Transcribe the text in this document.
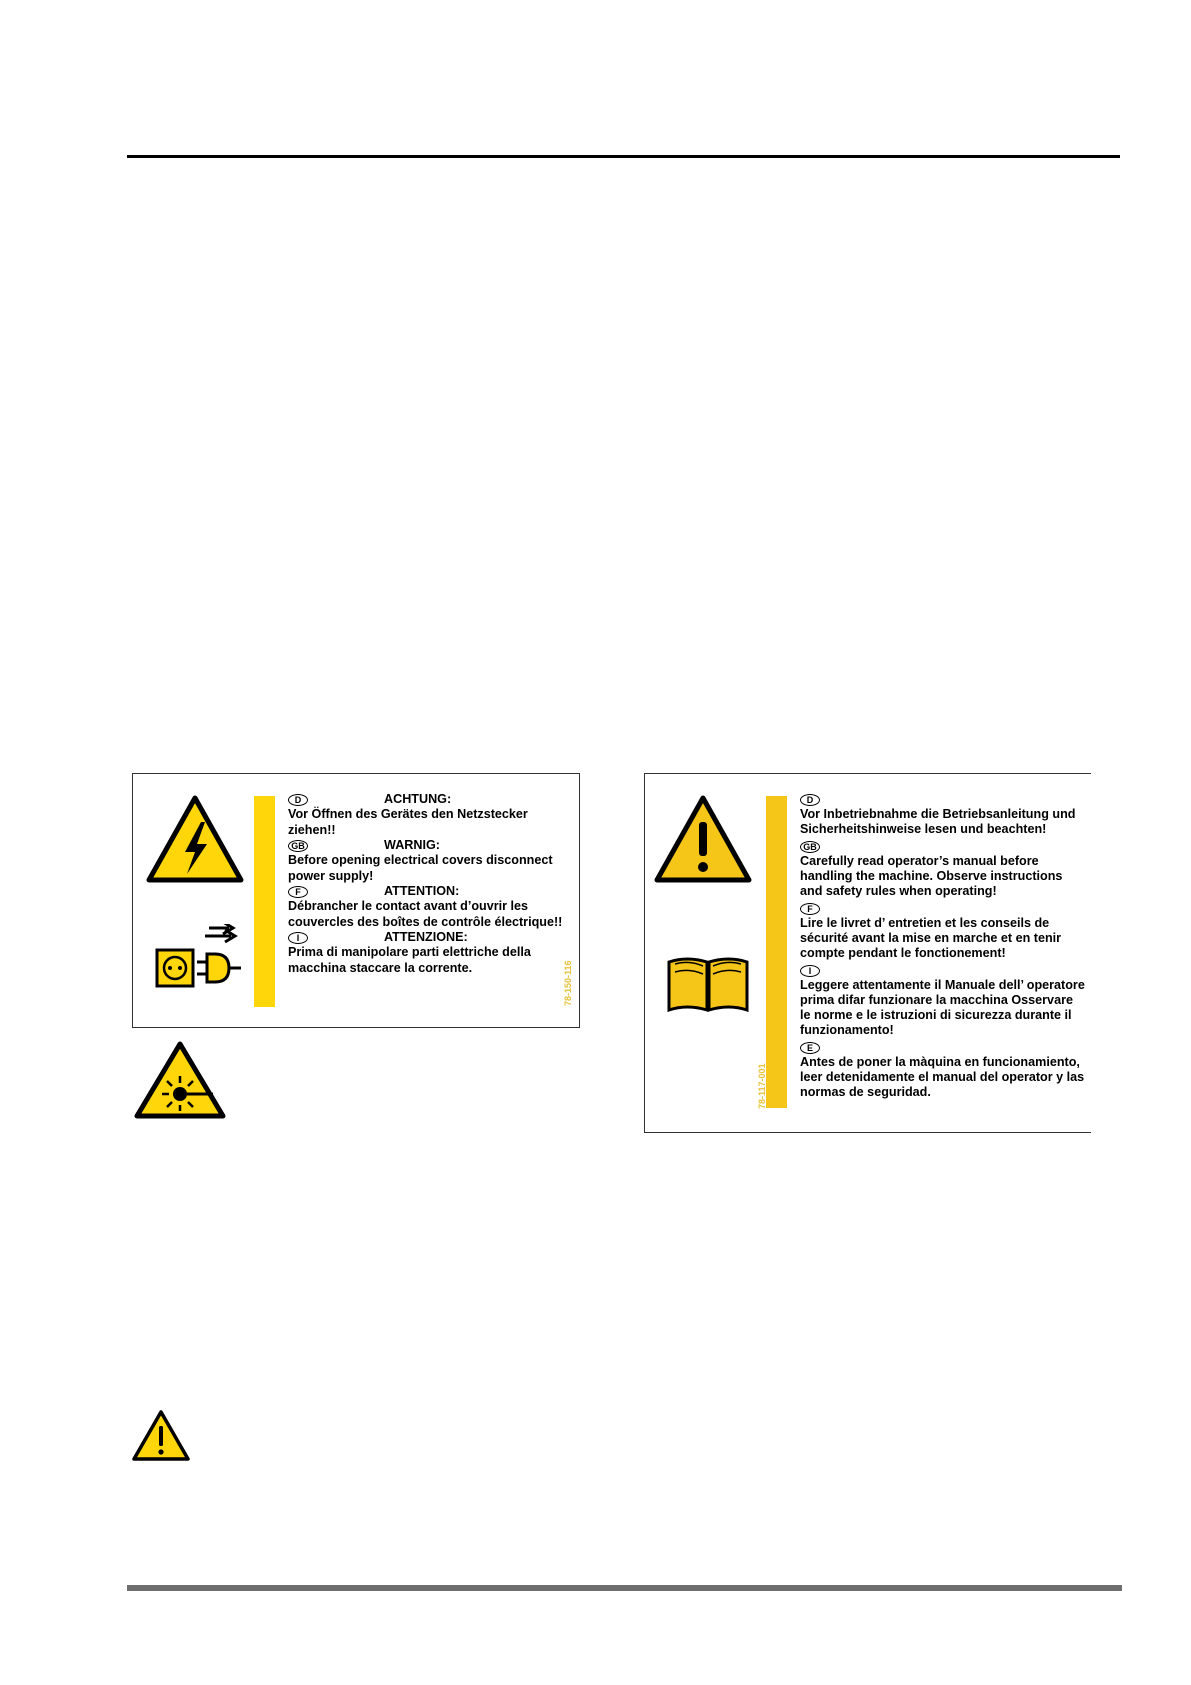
D	ACHTUNG:
Vor Öffnen des Gerätes den Netzstecker ziehen!!
GB	WARNIG:
Before opening electrical covers disconnect power supply!
F	ATTENTION:
Débrancher le contact avant d’ouvrir les couvercles des boîtes de contrôle électrique!!
I	ATTENZIONE:
Prima di manipolare parti elettriche della macchina staccare la corrente.	78-150-116
D
Vor Inbetriebnahme die Betriebsanleitung und Sicherheitshinweise lesen und beachten!
GB
Carefully read operator’s manual before handling the machine. Observe instructions and safety rules when operating!
F
Lire le livret d’ entretien et les conseils de sécurité avant la mise en marche et en tenir compte pendant le fonctionement!
I
Leggere attentamente il Manuale dell’ operatore prima difar funzionare la macchina Osservare le norme e le istruzioni di sicurezza durante il funzionamento!
E
Antes de poner la màquina en funcionamiento, leer detenidamente el manual del operator y las normas de seguridad.
78-117-001
